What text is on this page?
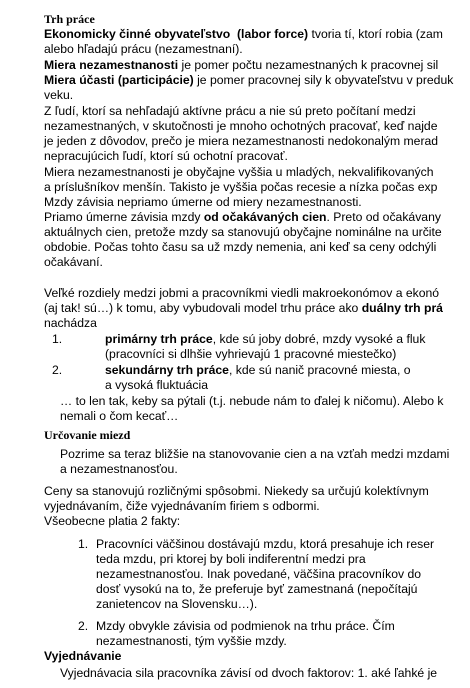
Trh práce
Ekonomicky činné obyvateľstvo (labor force) tvoria tí, ktorí robia (zam
alebo hľadajú prácu (nezamestnaní).
Miera nezamestnanosti je pomer počtu nezamestnaných k pracovnej sil
Miera účasti (participácie) je pomer pracovnej sily k obyvateľstvu v preduk
veku.
Z ľudí, ktorí sa nehľadajú aktívne prácu a nie sú preto počítaní medzi
nezamestnaných, v skutočnosti je mnoho ochotných pracovať, keď najde
je jeden z dôvodov, prečo je miera nezamestnanosti nedokonalým merad
nepracujúcich ľudí, ktorí sú ochotní pracovať.
Miera nezamestnanosti je obyčajne vyššia u mladých, nekvalifikovaných
a príslušníkov menšín. Takisto je vyššia počas recesie a nízka počas exp
Mzdy závisia nepriamo úmerne od miery nezamestnanosti.
Priamo úmerne závisia mzdy od očakávaných cien. Preto od očakávany
aktuálnych cien, pretože mzdy sa stanovujú obyčajne nominálne na určite
obdobie. Počas tohto času sa už mzdy nemenia, ani keď sa ceny odchýli
očakávaní.
Veľké rozdiely medzi jobmi a pracovníkmi viedli makroekonómov a ekonó
(aj tak! sú…) k tomu, aby vybudovali model trhu práce ako duálny trh prá
nachádza
1.	primárny trh práce, kde sú joby dobré, mzdy vysoké a fluk
(pracovníci si dlhšie vyhrievajú 1 pracovné miestečko)
2.	sekundárny trh práce, kde sú nanič pracovné miesta, o
a vysoká fluktuácia
… to len tak, keby sa pýtali (t.j. nebude nám to ďalej k ničomu). Alebo k
nemali o čom kecať…
Určovanie miezd
Pozrime sa teraz bližšie na stanovovanie cien a na vzťah medzi mzdami
a nezamestnanosťou.
Ceny sa stanovujú rozličnými spôsobmi. Niekedy sa určujú kolektívnym
vyjednávaním, čiže vyjednávaním firiem s odbormi.
Všeobecne platia 2 fakty:
1. Pracovníci väčšinou dostávajú mzdu, ktorá presahuje ich reser
teda mzdu, pri ktorej by boli indiferentní medzi pra
nezamestnanosťou. Inak povedané, väčšina pracovníkov do
dosť vysokú na to, že preferuje byť zamestnaná (nepočítajú
zanietencov na Slovensku…).
2. Mzdy obvykle závisia od podmienok na trhu práce. Čím
nezamestnanosti, tým vyššie mzdy.
Vyjednávanie
Vyjednávacia sila pracovníka závisí od dvoch faktorov: 1. aké ľahké je
